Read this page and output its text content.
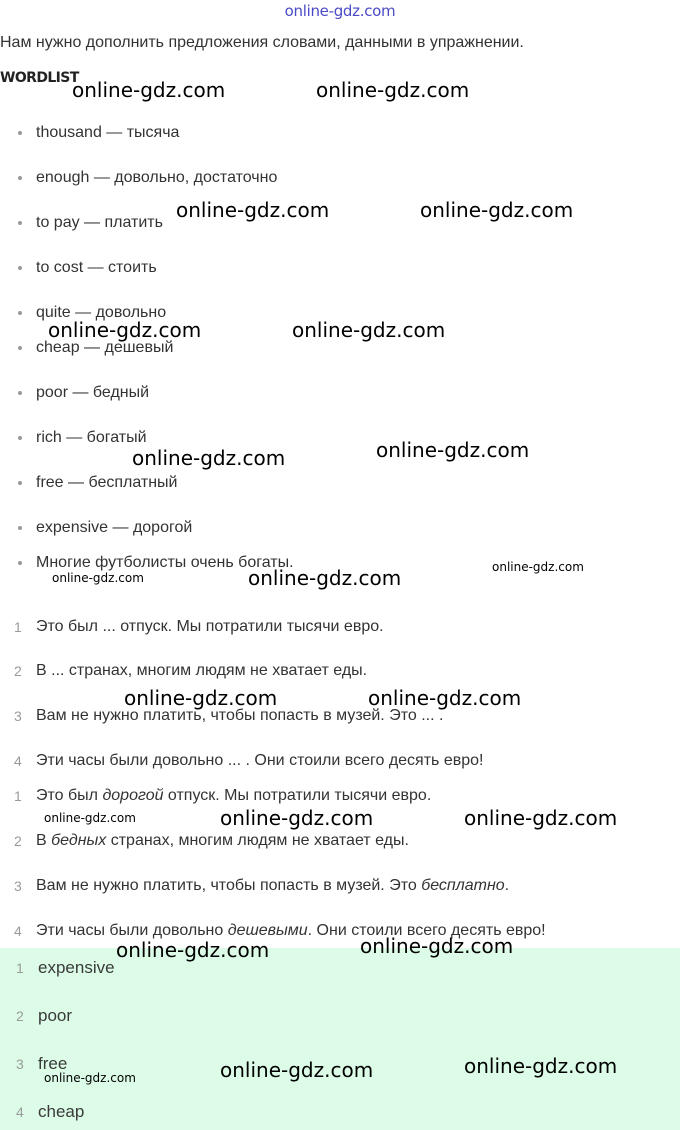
online-gdz.com
Нам нужно дополнить предложения словами, данными в упражнении.
WORDLIST
thousand — тысяча
enough — довольно, достаточно
to pay — платить
to cost — стоить
quite — довольно
cheap — дешевый
poor — бедный
rich — богатый
free — бесплатный
expensive — дорогой
Многие футболисты очень богаты.
1 Это был ... отпуск. Мы потратили тысячи евро.
2 В ... странах, многим людям не хватает еды.
3 Вам не нужно платить, чтобы попасть в музей. Это ... .
4 Эти часы были довольно ... . Они стоили всего десять евро!
1 Это был дорогой отпуск. Мы потратили тысячи евро.
2 В бедных странах, многим людям не хватает еды.
3 Вам не нужно платить, чтобы попасть в музей. Это бесплатно.
4 Эти часы были довольно дешевыми. Они стоили всего десять евро!
1 expensive
2 poor
3 free
4 cheap
online-gdz.com	online-gdz.com
online-gdz.com	online-gdz.com
online-gdz.com	online-gdz.com
online-gdz.com	online-gdz.com
online-gdz.com	online-gdz.com	online-gdz.com
online-gdz.com	online-gdz.com
online-gdz.com	online-gdz.com	online-gdz.com
online-gdz.com	online-gdz.com
online-gdz.com	online-gdz.com	online-gdz.com
